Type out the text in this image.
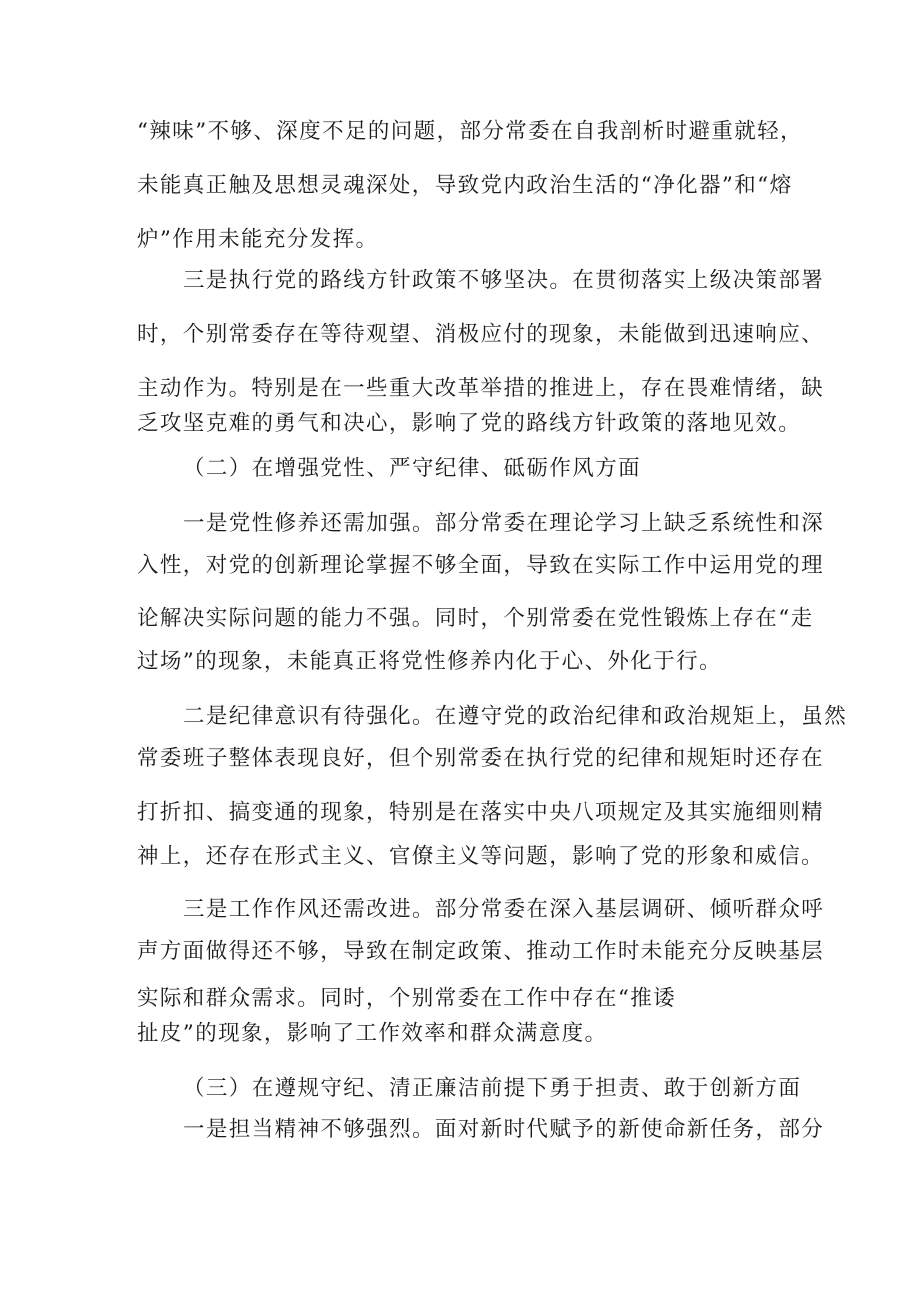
“辣味”不够、深度不足的问题，部分常委在自我剖析时避重就轻，
未能真正触及思想灵魂深处，导致党内政治生活的“净化器”和“熔
炉”作用未能充分发挥。
三是执行党的路线方针政策不够坚决。在贯彻落实上级决策部署
时，个别常委存在等待观望、消极应付的现象，未能做到迅速响应、
主动作为。特别是在一些重大改革举措的推进上，存在畏难情绪，缺
乏攻坚克难的勇气和决心，影响了党的路线方针政策的落地见效。
（二）在增强党性、严守纪律、砥砺作风方面
一是党性修养还需加强。部分常委在理论学习上缺乏系统性和深
入性，对党的创新理论掌握不够全面，导致在实际工作中运用党的理
论解决实际问题的能力不强。同时，个别常委在党性锻炼上存在“走
过场”的现象，未能真正将党性修养内化于心、外化于行。
二是纪律意识有待强化。在遵守党的政治纪律和政治规矩上，虽然
常委班子整体表现良好，但个别常委在执行党的纪律和规矩时还存在
打折扣、搞变通的现象，特别是在落实中央八项规定及其实施细则精
神上，还存在形式主义、官僚主义等问题，影响了党的形象和威信。
三是工作作风还需改进。部分常委在深入基层调研、倾听群众呼
声方面做得还不够，导致在制定政策、推动工作时未能充分反映基层
实际和群众需求。同时，个别常委在工作中存在“推诿
扯皮”的现象，影响了工作效率和群众满意度。
（三）在遵规守纪、清正廉洁前提下勇于担责、敢于创新方面
一是担当精神不够强烈。面对新时代赋予的新使命新任务，部分
